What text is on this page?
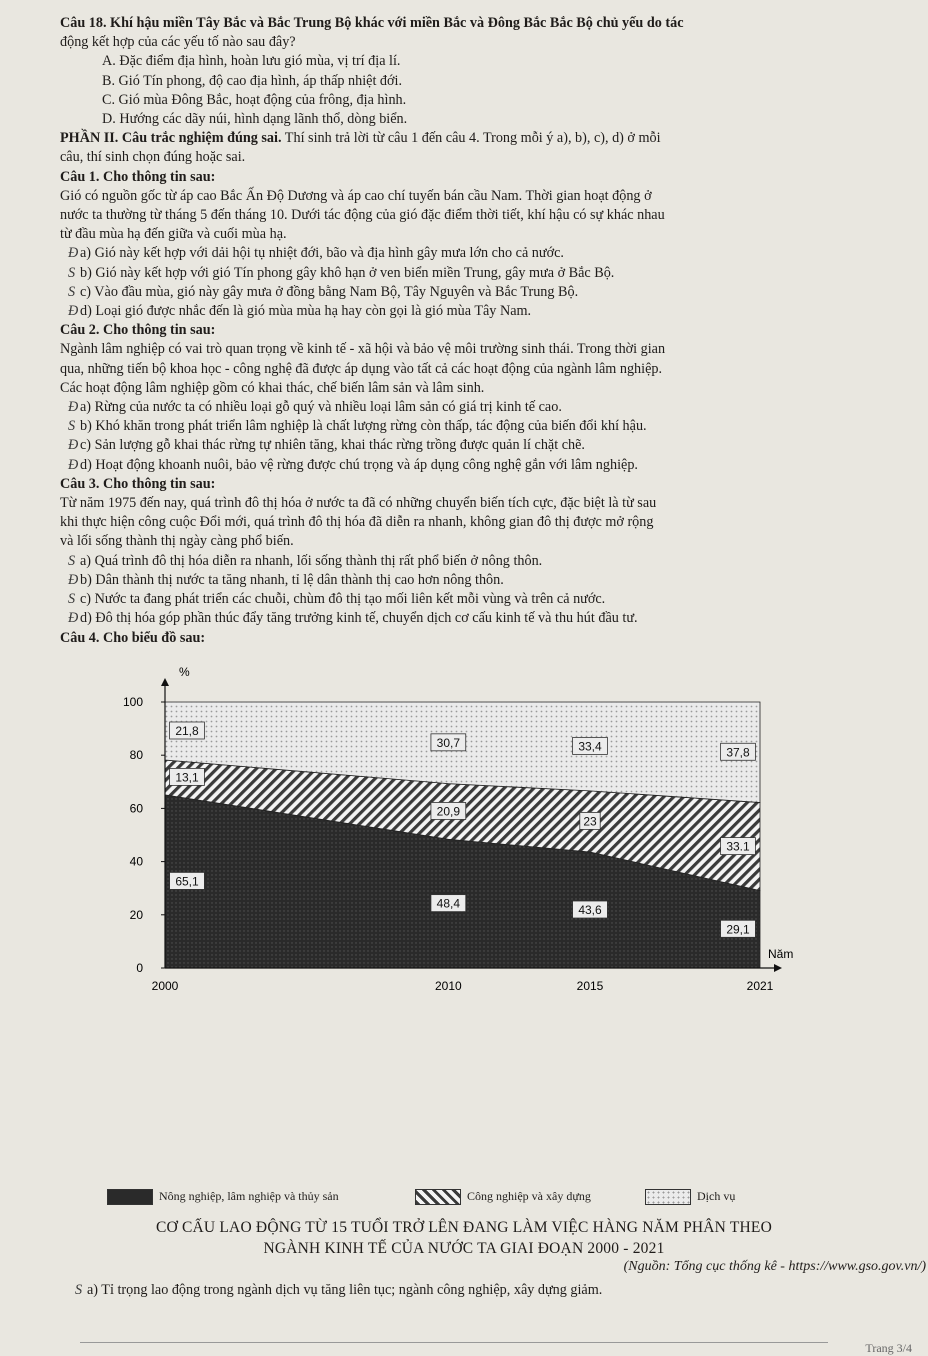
Câu 18. Khí hậu miền Tây Bắc và Bắc Trung Bộ khác với miền Bắc và Đông Bắc Bắc Bộ chủ yếu do tác

động kết hợp của các yếu tố nào sau đây?

A. Đặc điểm địa hình, hoàn lưu gió mùa, vị trí địa lí.

B. Gió Tín phong, độ cao địa hình, áp thấp nhiệt đới.

C. Gió mùa Đông Bắc, hoạt động của frông, địa hình.

D. Hướng các dãy núi, hình dạng lãnh thổ, dòng biển.

PHẦN II. Câu trắc nghiệm đúng sai. Thí sinh trả lời từ câu 1 đến câu 4. Trong mỗi ý a), b), c), d) ở mỗi

câu, thí sinh chọn đúng hoặc sai.

Câu 1. Cho thông tin sau:

Gió có nguồn gốc từ áp cao Bắc Ấn Độ Dương và áp cao chí tuyến bán cầu Nam. Thời gian hoạt động ở

nước ta thường từ tháng 5 đến tháng 10. Dưới tác động của gió đặc điểm thời tiết, khí hậu có sự khác nhau

từ đầu mùa hạ đến giữa và cuối mùa hạ.

Đ a) Gió này kết hợp với dải hội tụ nhiệt đới, bão và địa hình gây mưa lớn cho cả nước.

S b) Gió này kết hợp với gió Tín phong gây khô hạn ở ven biển miền Trung, gây mưa ở Bắc Bộ.

S c) Vào đầu mùa, gió này gây mưa ở đồng bằng Nam Bộ, Tây Nguyên và Bắc Trung Bộ.

Đ d) Loại gió được nhắc đến là gió mùa mùa hạ hay còn gọi là gió mùa Tây Nam.

Câu 2. Cho thông tin sau:

Ngành lâm nghiệp có vai trò quan trọng về kinh tế - xã hội và bảo vệ môi trường sinh thái. Trong thời gian

qua, những tiến bộ khoa học - công nghệ đã được áp dụng vào tất cả các hoạt động của ngành lâm nghiệp.

Các hoạt động lâm nghiệp gồm có khai thác, chế biến lâm sản và lâm sinh.

Đ a) Rừng của nước ta có nhiều loại gỗ quý và nhiều loại lâm sản có giá trị kinh tế cao.

S b) Khó khăn trong phát triển lâm nghiệp là chất lượng rừng còn thấp, tác động của biến đổi khí hậu.

Đ c) Sản lượng gỗ khai thác rừng tự nhiên tăng, khai thác rừng trồng được quản lí chặt chẽ.

Đ d) Hoạt động khoanh nuôi, bảo vệ rừng được chú trọng và áp dụng công nghệ gắn với lâm nghiệp.

Câu 3. Cho thông tin sau:

Từ năm 1975 đến nay, quá trình đô thị hóa ở nước ta đã có những chuyển biến tích cực, đặc biệt là từ sau

khi thực hiện công cuộc Đổi mới, quá trình đô thị hóa đã diễn ra nhanh, không gian đô thị được mở rộng

và lối sống thành thị ngày càng phổ biến.

S a) Quá trình đô thị hóa diễn ra nhanh, lối sống thành thị rất phổ biến ở nông thôn.

Đ b) Dân thành thị nước ta tăng nhanh, tỉ lệ dân thành thị cao hơn nông thôn.

S c) Nước ta đang phát triển các chuỗi, chùm đô thị tạo mối liên kết mỗi vùng và trên cả nước.

Đ d) Đô thị hóa góp phần thúc đẩy tăng trưởng kinh tế, chuyển dịch cơ cấu kinh tế và thu hút đầu tư.

Câu 4. Cho biểu đồ sau:

0
20
40
60
80
100
2000	2010	2015	2021
%
Năm
65,1
48,4	43,6
29,1
13,1
20,9
23
33.1
21,8
30,7	33,4	37,8
Nông nghiệp, lâm nghiệp và thủy sản	Công nghiệp và xây dựng	Dịch vụ

CƠ CẤU LAO ĐỘNG TỪ 15 TUỔI TRỞ LÊN ĐANG LÀM VIỆC HÀNG NĂM PHÂN THEO

NGÀNH KINH TẾ CỦA NƯỚC TA GIAI ĐOẠN 2000 - 2021

(Nguồn: Tổng cục thống kê - https://www.gso.gov.vn/)

S a) Tỉ trọng lao động trong ngành dịch vụ tăng liên tục; ngành công nghiệp, xây dựng giảm.

Trang 3/4
